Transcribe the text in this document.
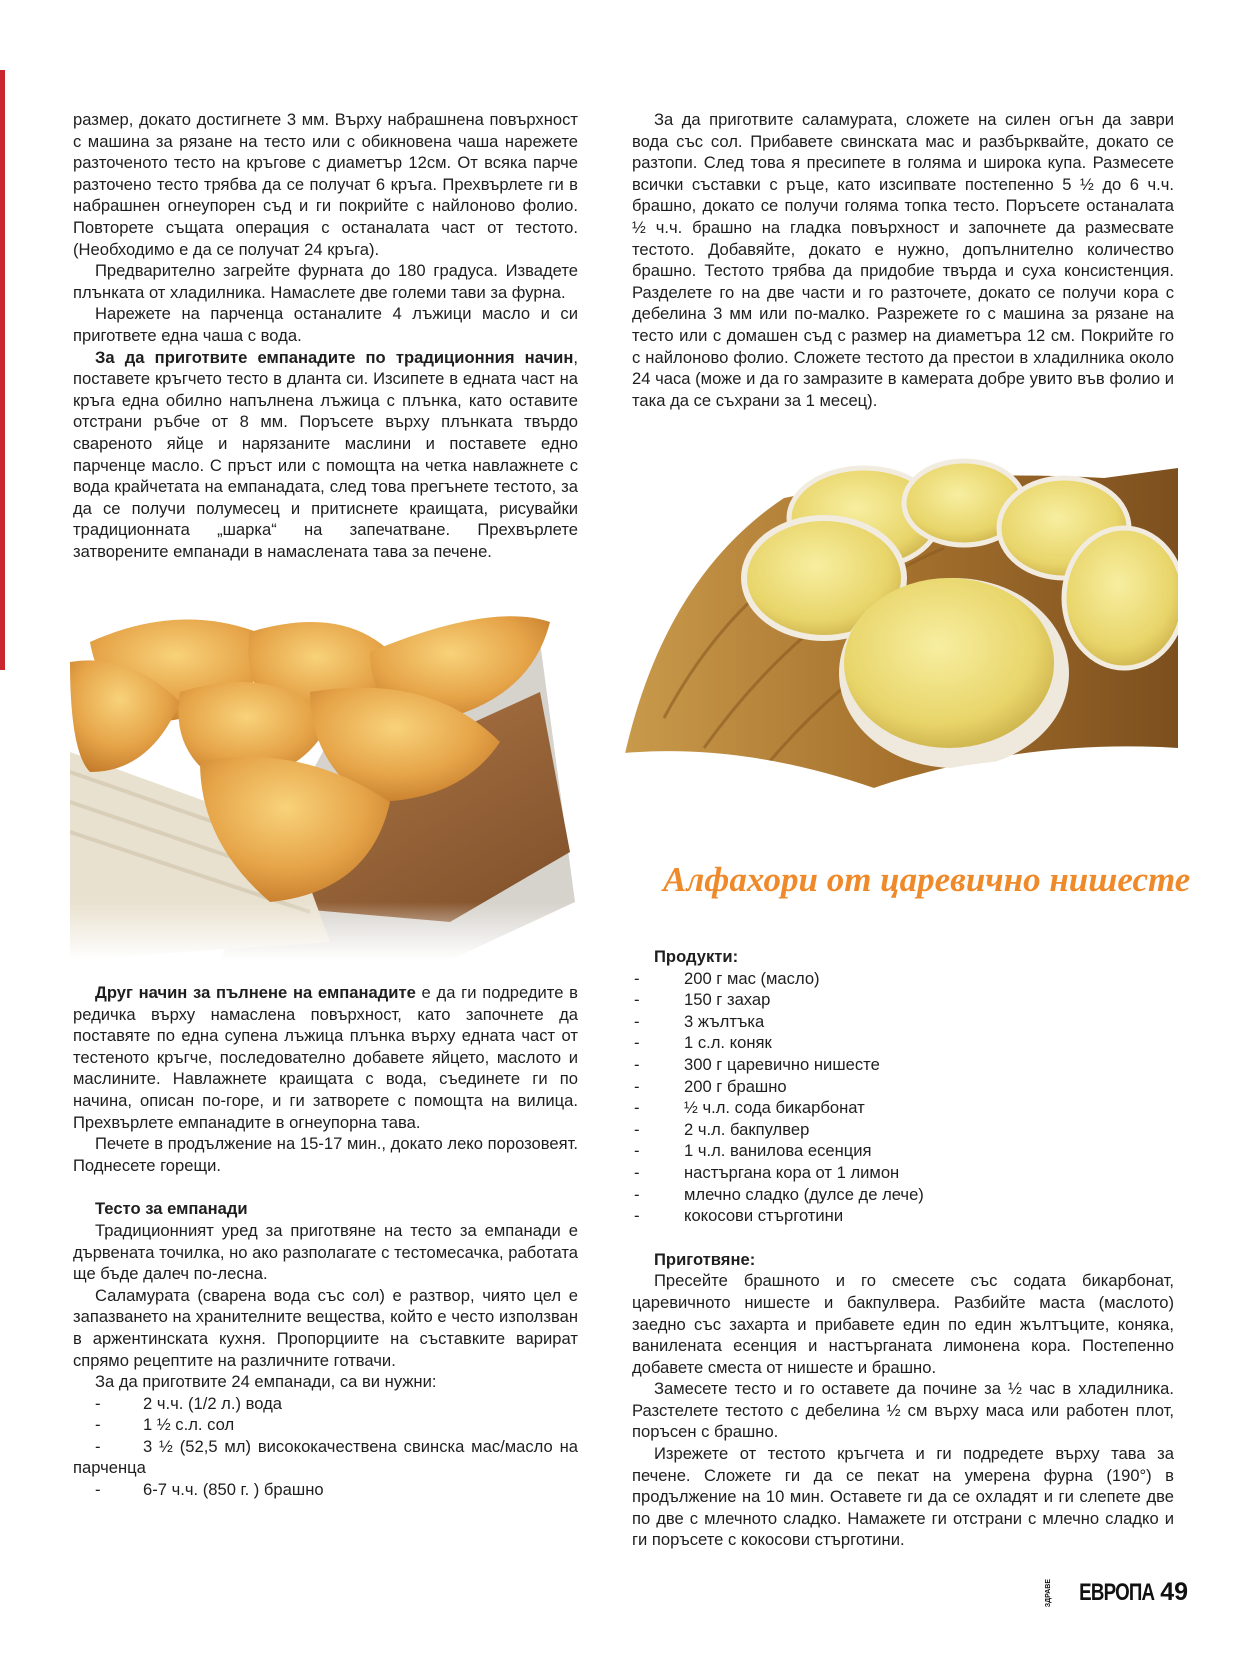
размер, докато достигнете 3 мм. Върху набрашнена повърхност с машина за рязане на тесто или с обикновена чаша нарежете разточеното тесто на кръгове с диаметър 12см. От всяка парче разточено тесто трябва да се получат 6 кръга. Прехвърлете ги в набрашнен огнеупорен съд и ги покрийте с найлоново фолио. Повторете същата операция с останалата част от тестото. (Необходимо е да се получат 24 кръга).

Предварително загрейте фурната до 180 градуса. Извадете плънката от хладилника. Намаслете две големи тави за фурна.

Нарежете на парченца останалите 4 лъжици масло и си пригответе една чаша с вода.

За да приготвите емпанадите по традиционния начин, поставете кръгчето тесто в дланта си. Изсипете в едната част на кръга една обилно напълнена лъжица с плънка, като оставите отстрани ръбче от 8 мм. Поръсете върху плънката твърдо свареното яйце и нарязаните маслини и поставете едно парченце масло. С пръст или с помощта на четка навлажнете с вода крайчетата на емпанадата, след това прегънете тестото, за да се получи полумесец и притиснете краищата, рисувайки традиционната „шарка“ на запечатване. Прехвърлете затворените емпанади в намаслената тава за печене.

Друг начин за пълнене на емпанадите е да ги подредите в редичка върху намаслена повърхност, като започнете да поставяте по една супена лъжица плънка върху едната част от тестеното кръгче, последователно добавете яйцето, маслото и маслините. Навлажнете краищата с вода, съединете ги по начина, описан по-горе, и ги затворете с помощта на вилица. Прехвърлете емпанадите в огнеупорна тава.

Печете в продължение на 15-17 мин., докато леко порозовеят. Поднесете горещи.

Тесто за емпанади

Традиционният уред за приготвяне на тесто за емпанади е дървената точилка, но ако разполагате с тестомесачка, работата ще бъде далеч по-лесна.

Саламурата (сварена вода със сол) е разтвор, чиято цел е запазването на хранителните вещества, който е често използван в аржентинската кухня. Пропорциите на съставките варират спрямо рецептите на различните готвачи.

За да приготвите 24 емпанади, са ви нужни:

-	2 ч.ч. (1/2 л.) вода
-	1 ½ с.л. сол
-	3 ½ (52,5 мл) висококачествена свинска мас/масло на парченца
-	6-7 ч.ч. (850 г. ) брашно

За да приготвите саламурата, сложете на силен огън да заври вода със сол. Прибавете свинската мас и разбърквайте, докато се разтопи. След това я пресипете в голяма и широка купа. Размесете всички съставки с ръце, като изсипвате постепенно 5 ½ до 6 ч.ч. брашно, докато се получи голяма топка тесто. Поръсете останалата ½ ч.ч. брашно на гладка повърхност и започнете да размесвате тестото. Добавяйте, докато е нужно, допълнително количество брашно. Тестото трябва да придобие твърда и суха консистенция. Разделете го на две части и го разточете, докато се получи кора с дебелина 3 мм или по-малко. Разрежете го с машина за рязане на тесто или с домашен съд с размер на диаметъра 12 см. Покрийте го с найлоново фолио. Сложете тестото да престои в хладилника около 24 часа (може и да го замразите в камерата добре увито във фолио и така да се съхрани за 1 месец).

Алфахори от царевично нишесте

Продукти:

-	200 г мас (масло)
-	150 г захар
-	3 жълтъка
-	1 с.л. коняк
-	300 г царевично нишесте
-	200 г брашно
-	½ ч.л. сода бикарбонат
-	2 ч.л. бакпулвер
-	1 ч.л. ванилова есенция
-	настъргана кора от 1 лимон
-	млечно сладко (дулсе де лече)
-	кокосови стърготини

Приготвяне:

Пресейте брашното и го смесете със содата бикарбонат, царевичното нишесте и бакпулвера. Разбийте маста (маслото) заедно със захарта и прибавете един по един жълтъците, коняка, ванилената есенция и настърганата лимонена кора. Постепенно добавете сместа от нишесте и брашно.

Замесете тесто и го оставете да почине за ½ час в хладилника. Разстелете тестото с дебелина ½ см върху маса или работен плот, поръсен с брашно.

Изрежете от тестото кръгчета и ги подредете върху тава за печене. Сложете ги да се пекат на умерена фурна (190°) в продължение на 10 мин. Оставете ги да се охладят и ги слепете две по две с млечното сладко. Намажете ги отстрани с млечно сладко и ги поръсете с кокосови стърготини.

ЗДРАВЕ ЕВРОПА 49
